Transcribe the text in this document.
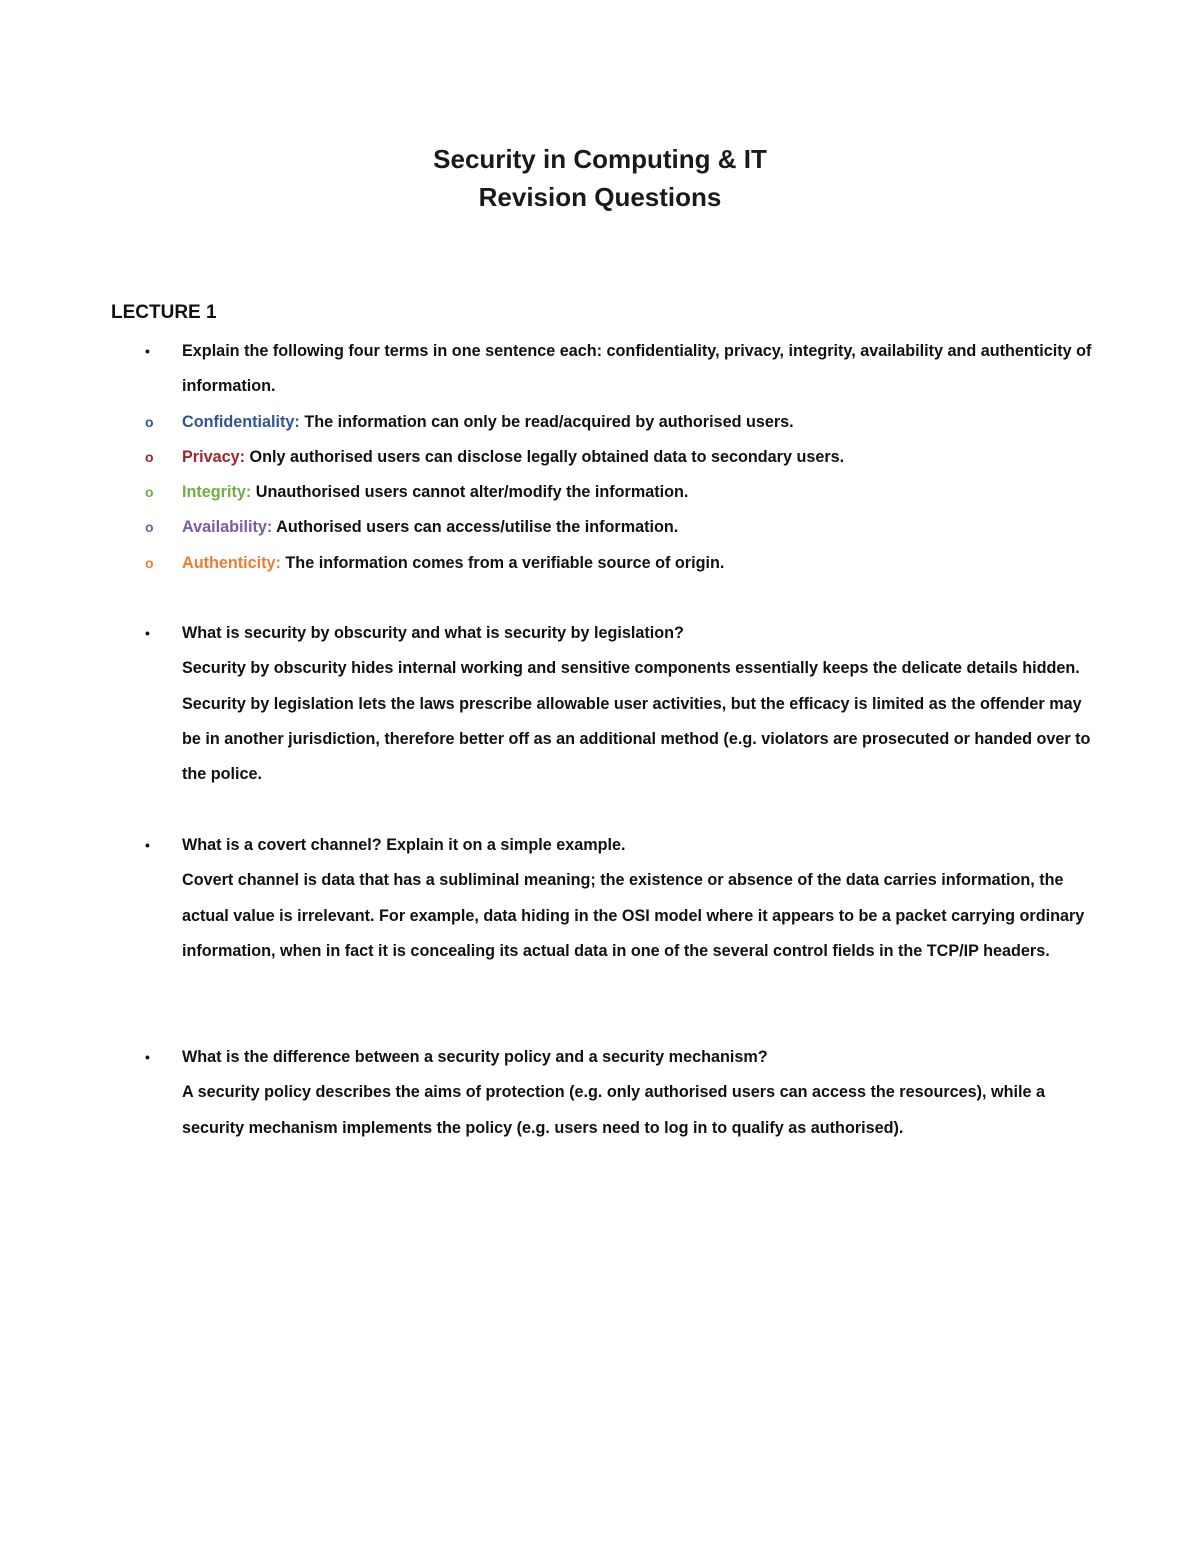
Security in Computing & IT
Revision Questions
LECTURE 1
•	Explain the following four terms in one sentence each: confidentiality, privacy, integrity, availability and authenticity of information.
o Confidentiality: The information can only be read/acquired by authorised users.
o Privacy: Only authorised users can disclose legally obtained data to secondary users.
o Integrity: Unauthorised users cannot alter/modify the information.
o Availability: Authorised users can access/utilise the information.
o Authenticity: The information comes from a verifiable source of origin.
•	What is security by obscurity and what is security by legislation?
Security by obscurity hides internal working and sensitive components essentially keeps the delicate details hidden. Security by legislation lets the laws prescribe allowable user activities, but the efficacy is limited as the offender may be in another jurisdiction, therefore better off as an additional method (e.g. violators are prosecuted or handed over to the police.
•	What is a covert channel? Explain it on a simple example.
Covert channel is data that has a subliminal meaning; the existence or absence of the data carries information, the actual value is irrelevant. For example, data hiding in the OSI model where it appears to be a packet carrying ordinary information, when in fact it is concealing its actual data in one of the several control fields in the TCP/IP headers.
•	What is the difference between a security policy and a security mechanism?
A security policy describes the aims of protection (e.g. only authorised users can access the resources), while a security mechanism implements the policy (e.g. users need to log in to qualify as authorised).
